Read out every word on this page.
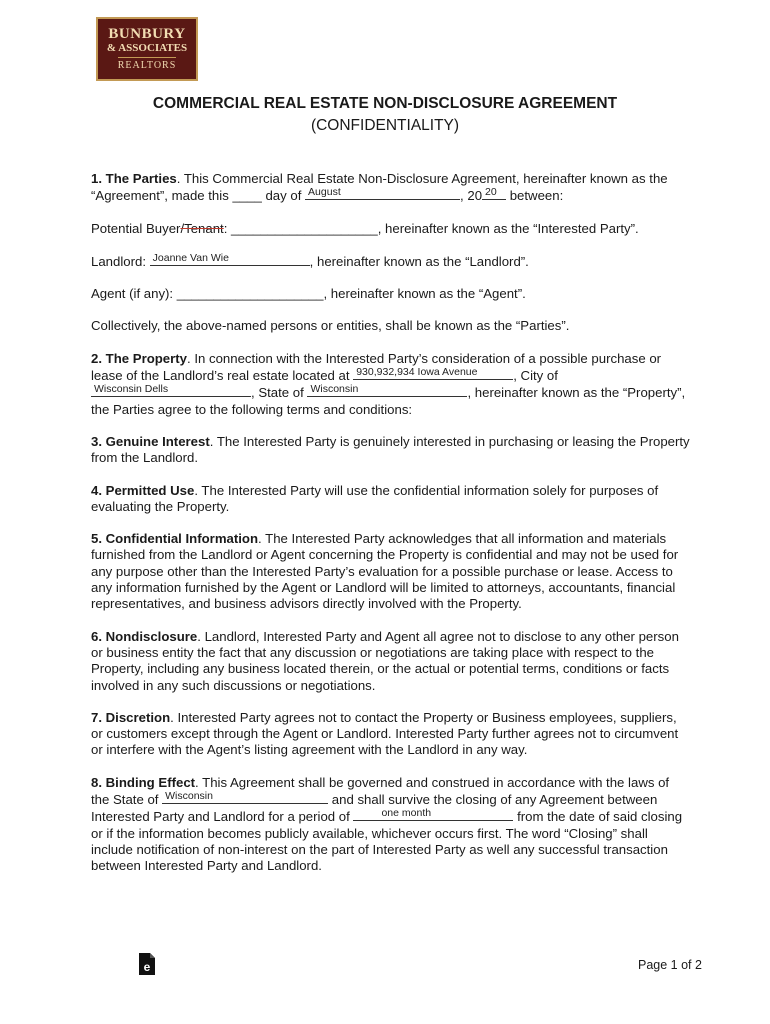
BUNBURY
& ASSOCIATES
REALTORS
COMMERCIAL REAL ESTATE NON-DISCLOSURE AGREEMENT
(CONFIDENTIALITY)

1. The Parties. This Commercial Real Estate Non-Disclosure Agreement, hereinafter known as the “Agreement”, made this ____ day of August	, 20 20 between:

Potential Buyer/Tenant: ____________________, hereinafter known as the “Interested Party”.

Landlord: Joanne Van Wie	, hereinafter known as the “Landlord”.

Agent (if any): ____________________, hereinafter known as the “Agent”.

Collectively, the above-named persons or entities, shall be known as the “Parties”.

2. The Property. In connection with the Interested Party’s consideration of a possible purchase or lease of the Landlord’s real estate located at 930,932,934 Iowa Avenue	, City of
Wisconsin Dells	, State of Wisconsin	, hereinafter known as the “Property”, the Parties agree to the following terms and conditions:

3. Genuine Interest. The Interested Party is genuinely interested in purchasing or leasing the Property from the Landlord.

4. Permitted Use. The Interested Party will use the confidential information solely for purposes of evaluating the Property.

5. Confidential Information. The Interested Party acknowledges that all information and materials furnished from the Landlord or Agent concerning the Property is confidential and may not be used for any purpose other than the Interested Party’s evaluation for a possible purchase or lease. Access to any information furnished by the Agent or Landlord will be limited to attorneys, accountants, financial representatives, and business advisors directly involved with the Property.

6. Nondisclosure. Landlord, Interested Party and Agent all agree not to disclose to any other person or business entity the fact that any discussion or negotiations are taking place with respect to the Property, including any business located therein, or the actual or potential terms, conditions or facts involved in any such discussions or negotiations.

7. Discretion. Interested Party agrees not to contact the Property or Business employees, suppliers, or customers except through the Agent or Landlord. Interested Party further agrees not to circumvent or interfere with the Agent’s listing agreement with the Landlord in any way.

8. Binding Effect. This Agreement shall be governed and construed in accordance with the laws of the State of Wisconsin	and shall survive the closing of any Agreement between Interested Party and Landlord for a period of	one month	from the date of said closing or if the information becomes publicly available, whichever occurs first. The word “Closing” shall include notification of non-interest on the part of Interested Party as well any successful transaction between Interested Party and Landlord.

e	Page 1 of 2
